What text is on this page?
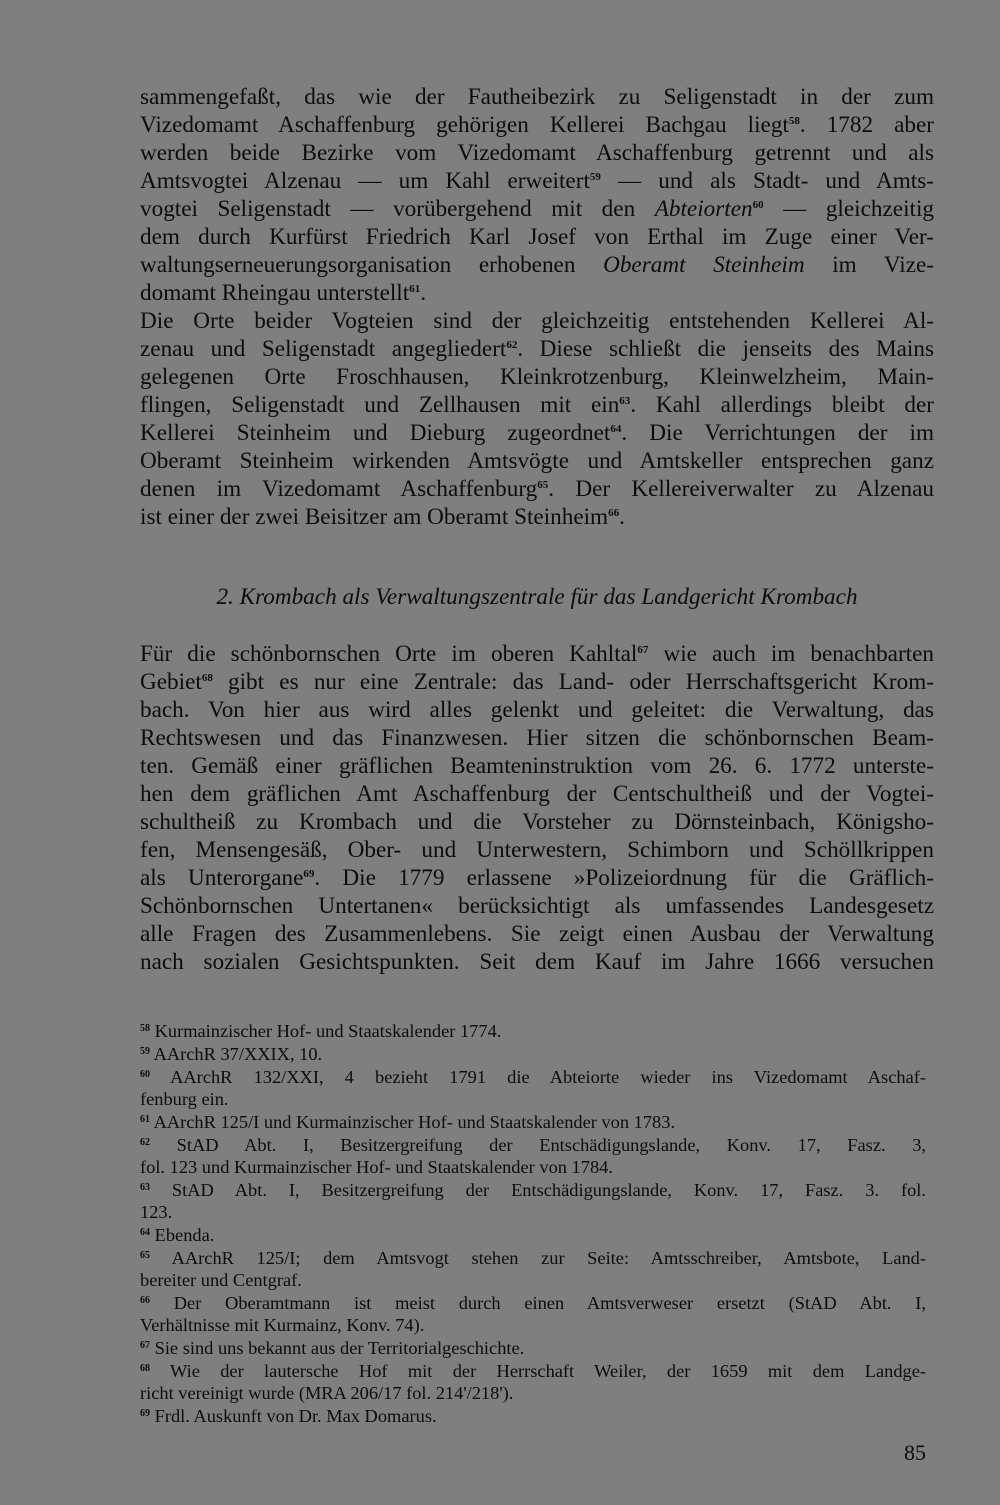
sammengefaßt, das wie der Fautheibezirk zu Seligenstadt in der zum
Vizedomamt Aschaffenburg gehörigen Kellerei Bachgau liegt$^{58}$. 1782 aber
werden beide Bezirke vom Vizedomamt Aschaffenburg getrennt und als
Amtsvogtei Alzenau — um Kahl erweitert$^{59}$ — und als Stadt- und Amts-
vogtei Seligenstadt — vorübergehend mit den Abteiorten$^{60}$ — gleichzeitig
dem durch Kurfürst Friedrich Karl Josef von Erthal im Zuge einer Ver-
waltungserneuerungsorganisation erhobenen Oberamt Steinheim im Vize-
domamt Rheingau unterstellt$^{61}$.
Die Orte beider Vogteien sind der gleichzeitig entstehenden Kellerei Al-
zenau und Seligenstadt angegliedert$^{62}$. Diese schließt die jenseits des Mains
gelegenen Orte Froschhausen, Kleinkrotzenburg, Kleinwelzheim, Main-
flingen, Seligenstadt und Zellhausen mit ein$^{63}$. Kahl allerdings bleibt der
Kellerei Steinheim und Dieburg zugeordnet$^{64}$. Die Verrichtungen der im
Oberamt Steinheim wirkenden Amtsvögte und Amtskeller entsprechen ganz
denen im Vizedomamt Aschaffenburg$^{65}$. Der Kellereiverwalter zu Alzenau
ist einer der zwei Beisitzer am Oberamt Steinheim$^{66}$.
2. Krombach als Verwaltungszentrale für das Landgericht Krombach
Für die schönbornschen Orte im oberen Kahltal$^{67}$ wie auch im benachbarten
Gebiet$^{68}$ gibt es nur eine Zentrale: das Land- oder Herrschaftsgericht Krom-
bach. Von hier aus wird alles gelenkt und geleitet: die Verwaltung, das
Rechtswesen und das Finanzwesen. Hier sitzen die schönbornschen Beam-
ten. Gemäß einer gräflichen Beamteninstruktion vom 26. 6. 1772 unterste-
hen dem gräflichen Amt Aschaffenburg der Centschultheiß und der Vogtei-
schultheiß zu Krombach und die Vorsteher zu Dörnsteinbach, Königsho-
fen, Mensengesäß, Ober- und Unterwestern, Schimborn und Schöllkrippen
als Unterorgane$^{69}$. Die 1779 erlassene »Polizeiordnung für die Gräflich-
Schönbornschen Untertanen« berücksichtigt als umfassendes Landesgesetz
alle Fragen des Zusammenlebens. Sie zeigt einen Ausbau der Verwaltung
nach sozialen Gesichtspunkten. Seit dem Kauf im Jahre 1666 versuchen
$^{58}$ Kurmainzischer Hof- und Staatskalender 1774.
$^{59}$ AArchR 37/XXIX, 10.
$^{60}$ AArchR 132/XXI, 4 bezieht 1791 die Abteiorte wieder ins Vizedomamt Aschaf-
fenburg ein.
$^{61}$ AArchR 125/I und Kurmainzischer Hof- und Staatskalender von 1783.
$^{62}$ StAD Abt. I, Besitzergreifung der Entschädigungslande, Konv. 17, Fasz. 3,
fol. 123 und Kurmainzischer Hof- und Staatskalender von 1784.
$^{63}$ StAD Abt. I, Besitzergreifung der Entschädigungslande, Konv. 17, Fasz. 3. fol.
123.
$^{64}$ Ebenda.
$^{65}$ AArchR 125/I; dem Amtsvogt stehen zur Seite: Amtsschreiber, Amtsbote, Land-
bereiter und Centgraf.
$^{66}$ Der Oberamtmann ist meist durch einen Amtsverweser ersetzt (StAD Abt. I,
Verhältnisse mit Kurmainz, Konv. 74).
$^{67}$ Sie sind uns bekannt aus der Territorialgeschichte.
$^{68}$ Wie der lautersche Hof mit der Herrschaft Weiler, der 1659 mit dem Landge-
richt vereinigt wurde (MRA 206/17 fol. 214'/218').
$^{69}$ Frdl. Auskunft von Dr. Max Domarus.
85
